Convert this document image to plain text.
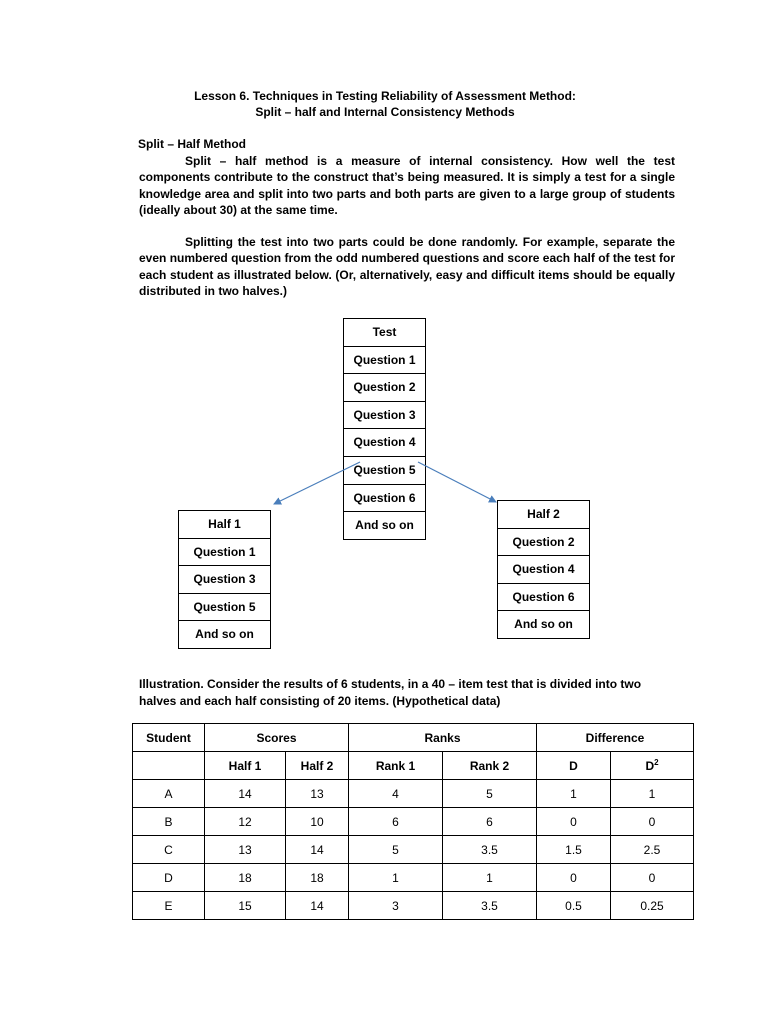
Lesson 6. Techniques in Testing Reliability of Assessment Method:
Split – half and Internal Consistency Methods
Split – Half Method

Split – half method is a measure of internal consistency. How well the test components contribute to the construct that’s being measured. It is simply a test for a single knowledge area and split into two parts and both parts are given to a large group of students (ideally about 30) at the same time.

Splitting the test into two parts could be done randomly. For example, separate the even numbered question from the odd numbered questions and score each half of the test for each student as illustrated below. (Or, alternatively, easy and difficult items should be equally distributed in two halves.)

Test
Question 1
Question 2
Question 3
Question 4
Question 5
Question 6
And so on
Half 1
Question 1
Question 3
Question 5
And so on
Half 2
Question 2
Question 4
Question 6
And so on

Illustration. Consider the results of 6 students, in a 40 – item test that is divided into two halves and each half consisting of 20 items. (Hypothetical data)

Student	Scores		Ranks		Difference	
	Half 1	Half 2	Rank 1	Rank 2	D	$D^2$
A	14	13	4	5	1	1
B	12	10	6	6	0	0
C	13	14	5	3.5	1.5	2.5
D	18	18	1	1	0	0
E	15	14	3	3.5	0.5	0.25
